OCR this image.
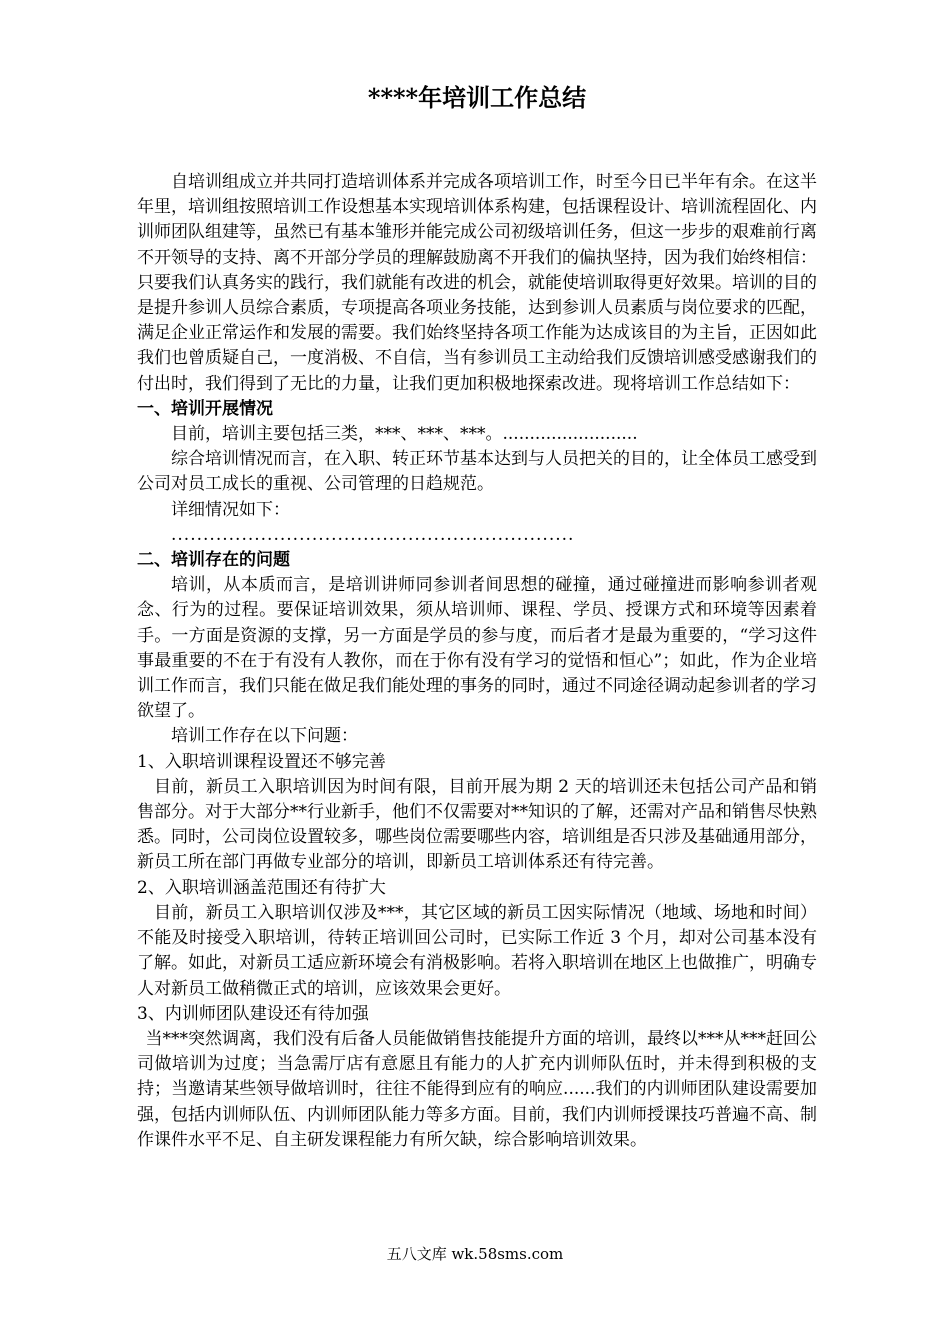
****年培训工作总结

自培训组成立并共同打造培训体系并完成各项培训工作，时至今日已半年有余。在这半年里，培训组按照培训工作设想基本实现培训体系构建，包括课程设计、培训流程固化、内训师团队组建等，虽然已有基本雏形并能完成公司初级培训任务，但这一步步的艰难前行离不开领导的支持、离不开部分学员的理解鼓励离不开我们的偏执坚持，因为我们始终相信：只要我们认真务实的践行，我们就能有改进的机会，就能使培训取得更好效果。培训的目的是提升参训人员综合素质，专项提高各项业务技能，达到参训人员素质与岗位要求的匹配，满足企业正常运作和发展的需要。我们始终坚持各项工作能为达成该目的为主旨，正因如此我们也曾质疑自己，一度消极、不自信，当有参训员工主动给我们反馈培训感受感谢我们的付出时，我们得到了无比的力量，让我们更加积极地探索改进。现将培训工作总结如下：

一、培训开展情况

目前，培训主要包括三类，***、***、***。.........................

综合培训情况而言，在入职、转正环节基本达到与人员把关的目的，让全体员工感受到公司对员工成长的重视、公司管理的日趋规范。

详细情况如下：

...............................................................

二、培训存在的问题

培训，从本质而言，是培训讲师同参训者间思想的碰撞，通过碰撞进而影响参训者观念、行为的过程。要保证培训效果，须从培训师、课程、学员、授课方式和环境等因素着手。一方面是资源的支撑，另一方面是学员的参与度，而后者才是最为重要的，“学习这件事最重要的不在于有没有人教你，而在于你有没有学习的觉悟和恒心”；如此，作为企业培训工作而言，我们只能在做足我们能处理的事务的同时，通过不同途径调动起参训者的学习欲望了。

培训工作存在以下问题：

1、入职培训课程设置还不够完善

目前，新员工入职培训因为时间有限，目前开展为期 2 天的培训还未包括公司产品和销售部分。对于大部分**行业新手，他们不仅需要对**知识的了解，还需对产品和销售尽快熟悉。同时，公司岗位设置较多，哪些岗位需要哪些内容，培训组是否只涉及基础通用部分，新员工所在部门再做专业部分的培训，即新员工培训体系还有待完善。

2、入职培训涵盖范围还有待扩大

目前，新员工入职培训仅涉及***，其它区域的新员工因实际情况（地域、场地和时间）不能及时接受入职培训，待转正培训回公司时，已实际工作近 3 个月，却对公司基本没有了解。如此，对新员工适应新环境会有消极影响。若将入职培训在地区上也做推广，明确专人对新员工做稍微正式的培训，应该效果会更好。

3、内训师团队建设还有待加强

当***突然调离，我们没有后备人员能做销售技能提升方面的培训，最终以***从***赶回公司做培训为过度；当急需厅店有意愿且有能力的人扩充内训师队伍时，并未得到积极的支持；当邀请某些领导做培训时，往往不能得到应有的响应......我们的内训师团队建设需要加强，包括内训师队伍、内训师团队能力等多方面。目前，我们内训师授课技巧普遍不高、制作课件水平不足、自主研发课程能力有所欠缺，综合影响培训效果。

五八文库 wk.58sms.com
